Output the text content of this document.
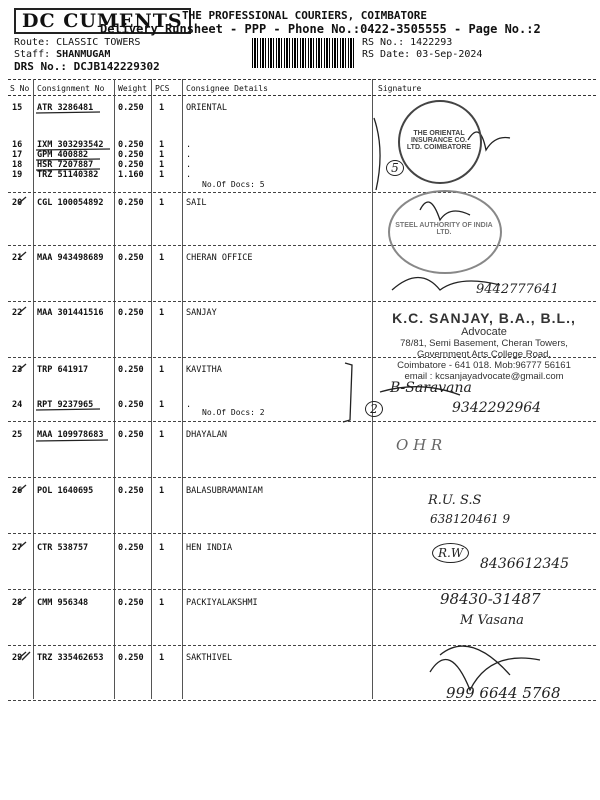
DC CUMENTS THE PROFESSIONAL COURIERS, COIMBATORE
Delivery Runsheet - PPP - Phone No.:0422-3505555 - Page No.:2
Route: CLASSIC TOWERS
Staff: SHANMUGAM
DRS No.: DCJB142229302
RS No.: 1422293
RS Date: 03-Sep-2024
S No Consignment No Weight PCS Consignee Details	Signature
15 ATR 3286481	0.250 1	ORIENTAL
16 IXM 303293542 0.250 1	.
17 GPM 400882	0.250 1	.
18 HSR 7207887	0.250 1	.
19 TRZ 51140382 1.160 1	.
No.Of Docs: 5
20 CGL 100054892 0.250 1	SAIL
21 MAA 943498689 0.250 1	CHERAN OFFICE
22 MAA 301441516 0.250 1	SANJAY
23 TRP 641917	0.250 1	KAVITHA
24 RPT 9237965	0.250 1	.
No.Of Docs: 2
25 MAA 109978683 0.250 1	DHAYALAN
26 POL 1640695	0.250 1	BALASUBRAMANIAM
27 CTR 538757	0.250 1	HEN INDIA
28 CMM 956348	0.250 1	PACKIYALAKSHMI
29 TRZ 335462653 0.250 1	SAKTHIVEL
THE ORIENTAL INSURANCE CO. LTD. COIMBATORE
STEEL AUTHORITY OF INDIA LTD.
K.C. SANJAY, B.A., B.L.,
Advocate
78/81, Semi Basement, Cheran Towers,
Government Arts College Road,
Coimbatore - 641 018. Mob:96777 56161
email : kcsanjayadvocate@gmail.com
5
2
9442777641
B-Saravana
9342292964
O H R
R.U. S.S
638120461 9
R.W
8436612345
98430-31487
M Vasana
999 6644 5768
